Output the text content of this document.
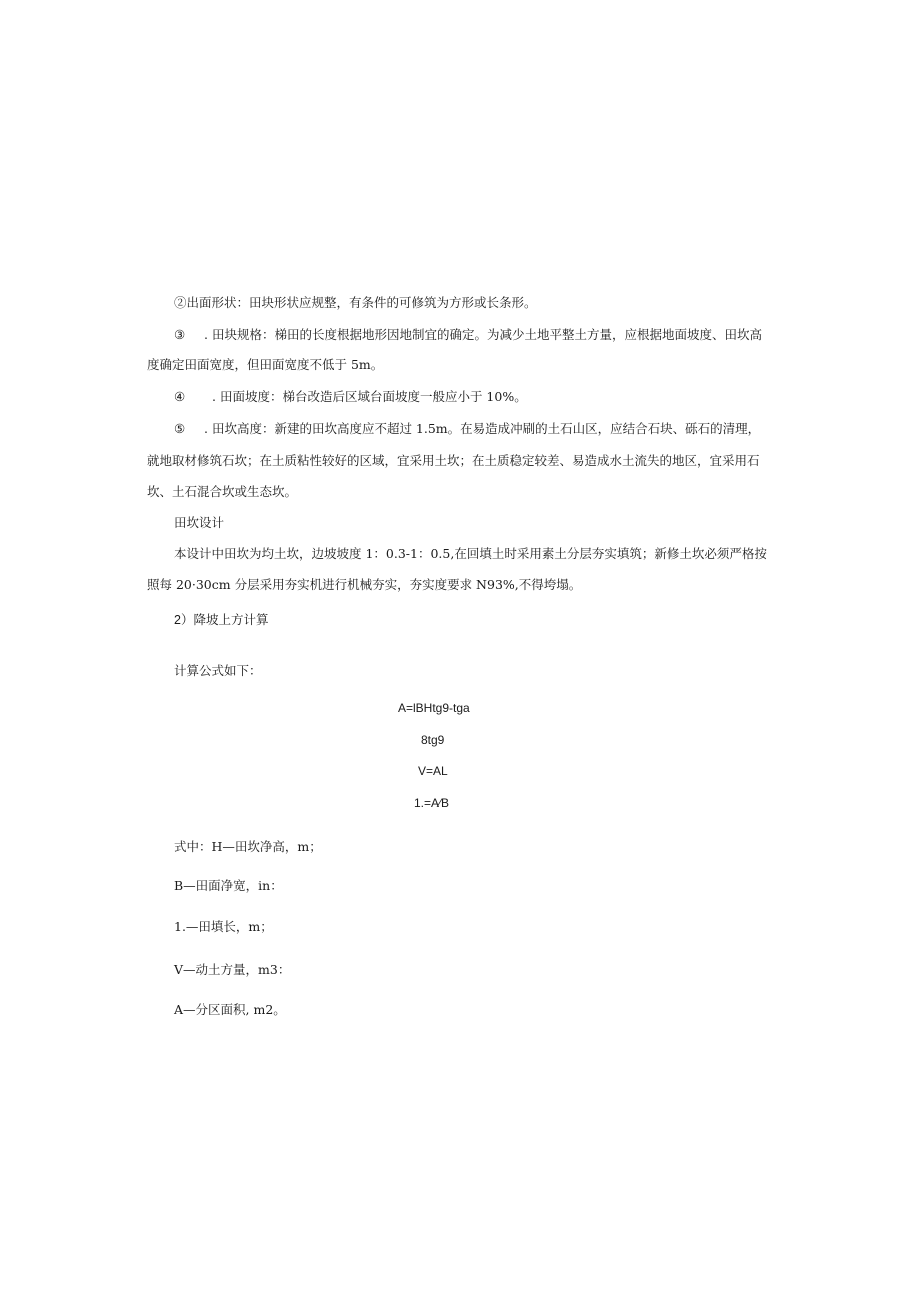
②出面形状：田块形状应规整，有条件的可修筑为方形或长条形。
③ . 田块规格：梯田的长度根据地形因地制宜的确定。为减少土地平整土方量，应根据地面坡度、田坎高
度确定田面宽度，但田面宽度不低于 5m。
④ . 田面坡度：梯台改造后区域台面坡度一般应小于 10%。
⑤ . 田坎高度：新建的田坎高度应不超过 1.5m。在易造成冲刷的土石山区，应结合石块、砾石的清理，
就地取材修筑石坎；在土质粘性较好的区域，宜采用土坎；在土质稳定较差、易造成水土流失的地区，宜采用石
坎、土石混合坎或生态坎。
田坎设计
本设计中田坎为均土坎，边坡坡度 1：0.3-1：0.5,在回填土时采用素土分层夯实填筑；新修土坎必须严格按
照每 20·30cm 分层采用夯实机进行机械夯实，夯实度要求 N93%,不得垮塌。
2）降坡上方计算
计算公式如下：
A=lBHtg9-tga
8tg9
V=AL
1.=A⁄B
式中：H—田坎净高，m；
B—田面净宽，in：
1.—田填长，m；
V—动土方量，m3：
A—分区面积, m2。
